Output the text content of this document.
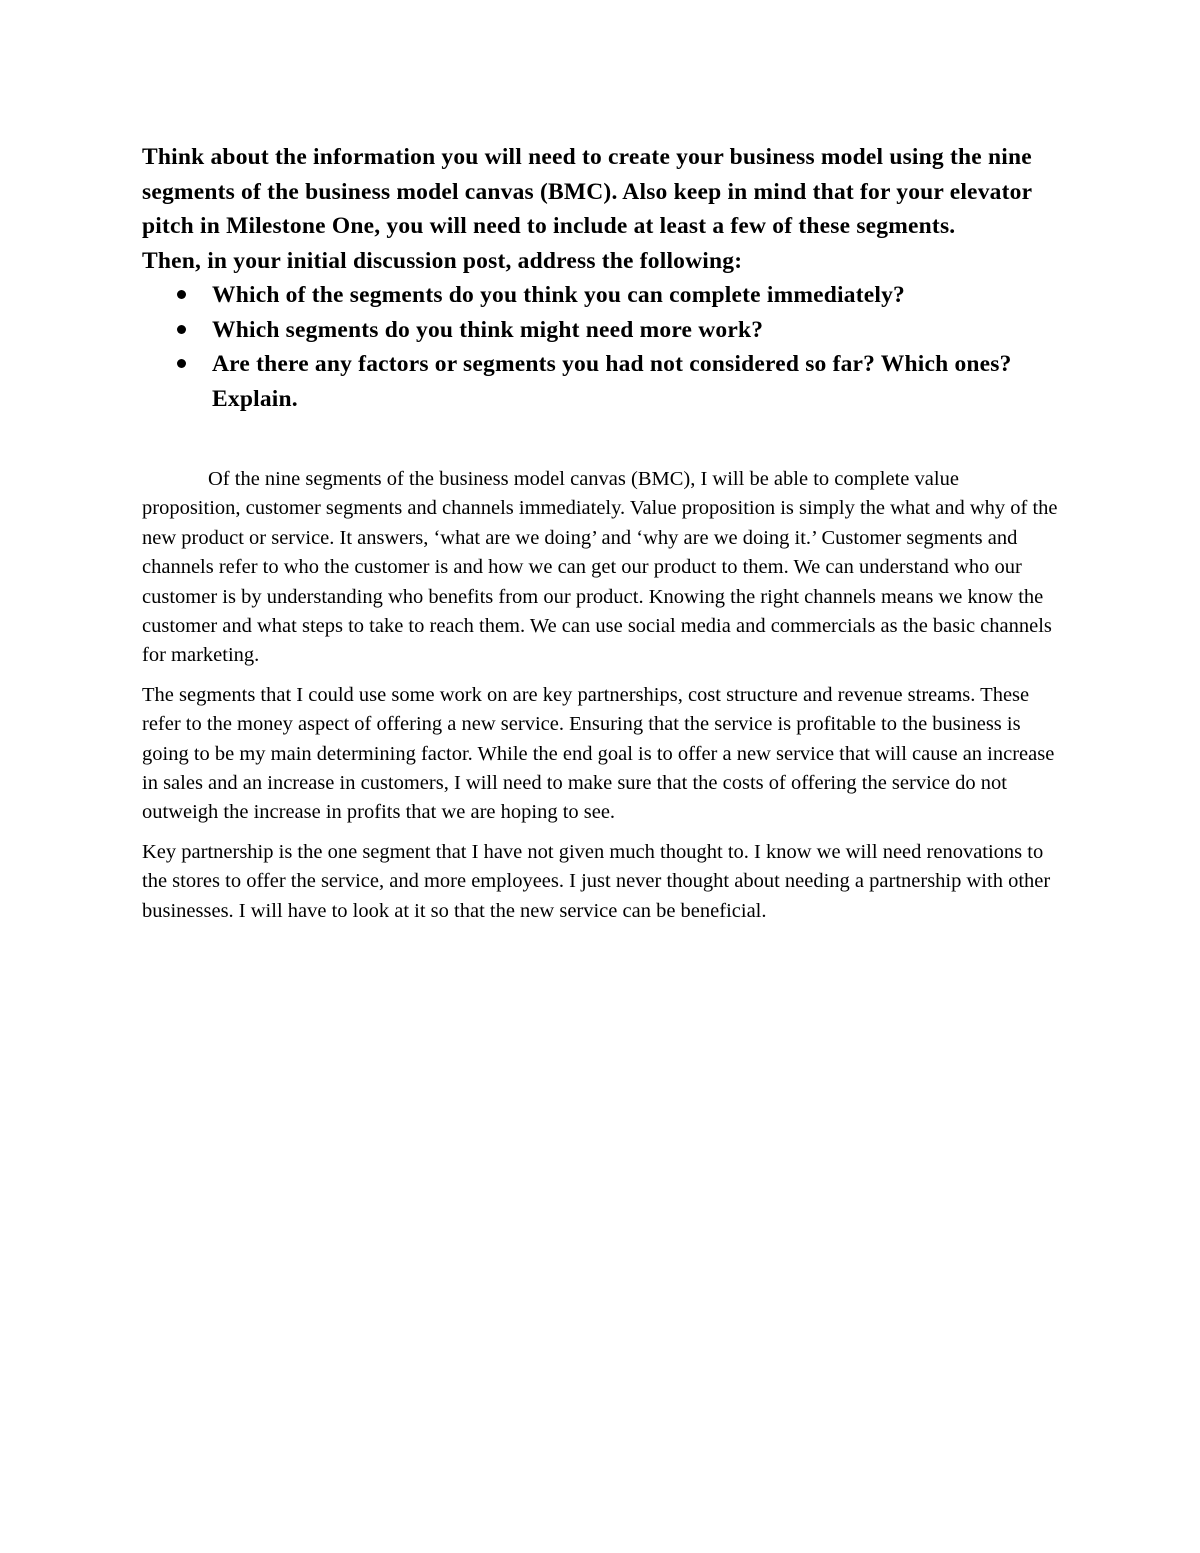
Think about the information you will need to create your business model using the nine segments of the business model canvas (BMC). Also keep in mind that for your elevator pitch in Milestone One, you will need to include at least a few of these segments.

Then, in your initial discussion post, address the following:

Which of the segments do you think you can complete immediately?
Which segments do you think might need more work?
Are there any factors or segments you had not considered so far? Which ones? Explain.

Of the nine segments of the business model canvas (BMC), I will be able to complete value proposition, customer segments and channels immediately. Value proposition is simply the what and why of the new product or service. It answers, ‘what are we doing’ and ‘why are we doing it.’ Customer segments and channels refer to who the customer is and how we can get our product to them. We can understand who our customer is by understanding who benefits from our product. Knowing the right channels means we know the customer and what steps to take to reach them. We can use social media and commercials as the basic channels for marketing.

The segments that I could use some work on are key partnerships, cost structure and revenue streams. These refer to the money aspect of offering a new service. Ensuring that the service is profitable to the business is going to be my main determining factor. While the end goal is to offer a new service that will cause an increase in sales and an increase in customers, I will need to make sure that the costs of offering the service do not outweigh the increase in profits that we are hoping to see.

Key partnership is the one segment that I have not given much thought to. I know we will need renovations to the stores to offer the service, and more employees. I just never thought about needing a partnership with other businesses. I will have to look at it so that the new service can be beneficial.
